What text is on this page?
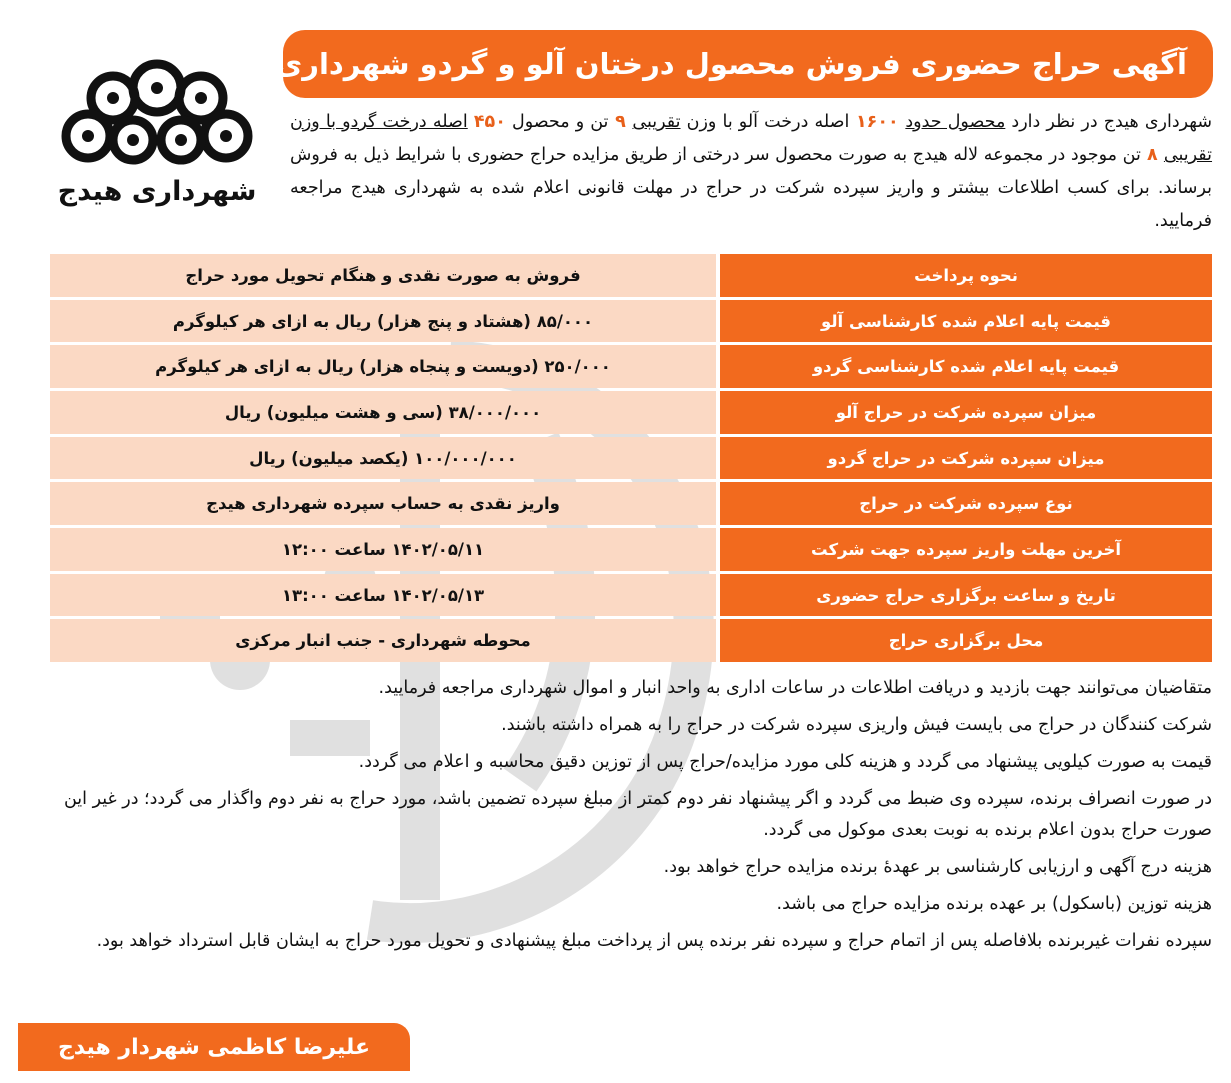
آگهی حراج حضوری فروش محصول درختان آلو و گردو شهرداری
شهرداری هیدج
شهرداری هیدج در نظر دارد محصول حدود ۱۶۰۰ اصله درخت آلو با وزن تقریبی ۹ تن و محصول ۴۵۰ اصله درخت گردو با وزن تقریبی ۸ تن موجود در مجموعه لاله هیدج به صورت محصول سر درختی از طریق مزایده حراج حضوری با شرایط ذیل به فروش برساند. برای کسب اطلاعات بیشتر و واریز سپرده شرکت در حراج در مهلت قانونی اعلام شده به شهرداری هیدج مراجعه فرمایید.
نحوه پرداخت
فروش به صورت نقدی و هنگام تحویل مورد حراج
قیمت پایه اعلام شده کارشناسی آلو
۸۵/۰۰۰ (هشتاد و پنج هزار) ریال به ازای هر کیلوگرم
قیمت پایه اعلام شده کارشناسی گردو
۲۵۰/۰۰۰ (دویست و پنجاه هزار) ریال به ازای هر کیلوگرم
میزان سپرده شرکت در حراج آلو
۳۸/۰۰۰/۰۰۰ (سی و هشت میلیون) ریال
میزان سپرده شرکت در حراج گردو
۱۰۰/۰۰۰/۰۰۰ (یکصد میلیون) ریال
نوع سپرده شرکت در حراج
واریز نقدی به حساب سپرده شهرداری هیدج
آخرین مهلت واریز سپرده جهت شرکت
۱۴۰۲/۰۵/۱۱ ساعت ۱۲:۰۰
تاریخ و ساعت برگزاری حراج حضوری
۱۴۰۲/۰۵/۱۳ ساعت ۱۳:۰۰
محل برگزاری حراج
محوطه شهرداری - جنب انبار مرکزی

متقاضیان می‌توانند جهت بازدید و دریافت اطلاعات در ساعات اداری به واحد انبار و اموال شهرداری مراجعه فرمایید.

شرکت کنندگان در حراج می بایست فیش واریزی سپرده شرکت در حراج را به همراه داشته باشند.

قیمت به صورت کیلویی پیشنهاد می گردد و هزینه کلی مورد مزایده/حراج پس از توزین دقیق محاسبه و اعلام می گردد.

در صورت انصراف برنده، سپرده وی ضبط می گردد و اگر پیشنهاد نفر دوم کمتر از مبلغ سپرده تضمین باشد، مورد حراج به نفر دوم واگذار می گردد؛ در غیر این صورت حراج بدون اعلام برنده به نوبت بعدی موکول می گردد.

هزینه درج آگهی و ارزیابی کارشناسی بر عهدهٔ برنده مزایده حراج خواهد بود.

هزینه توزین (باسکول) بر عهده برنده مزایده حراج می باشد.

سپرده نفرات غیربرنده بلافاصله پس از اتمام حراج و سپرده نفر برنده پس از پرداخت مبلغ پیشنهادی و تحویل مورد حراج به ایشان قابل استرداد خواهد بود.

علیرضا کاظمی شهردار هیدج
